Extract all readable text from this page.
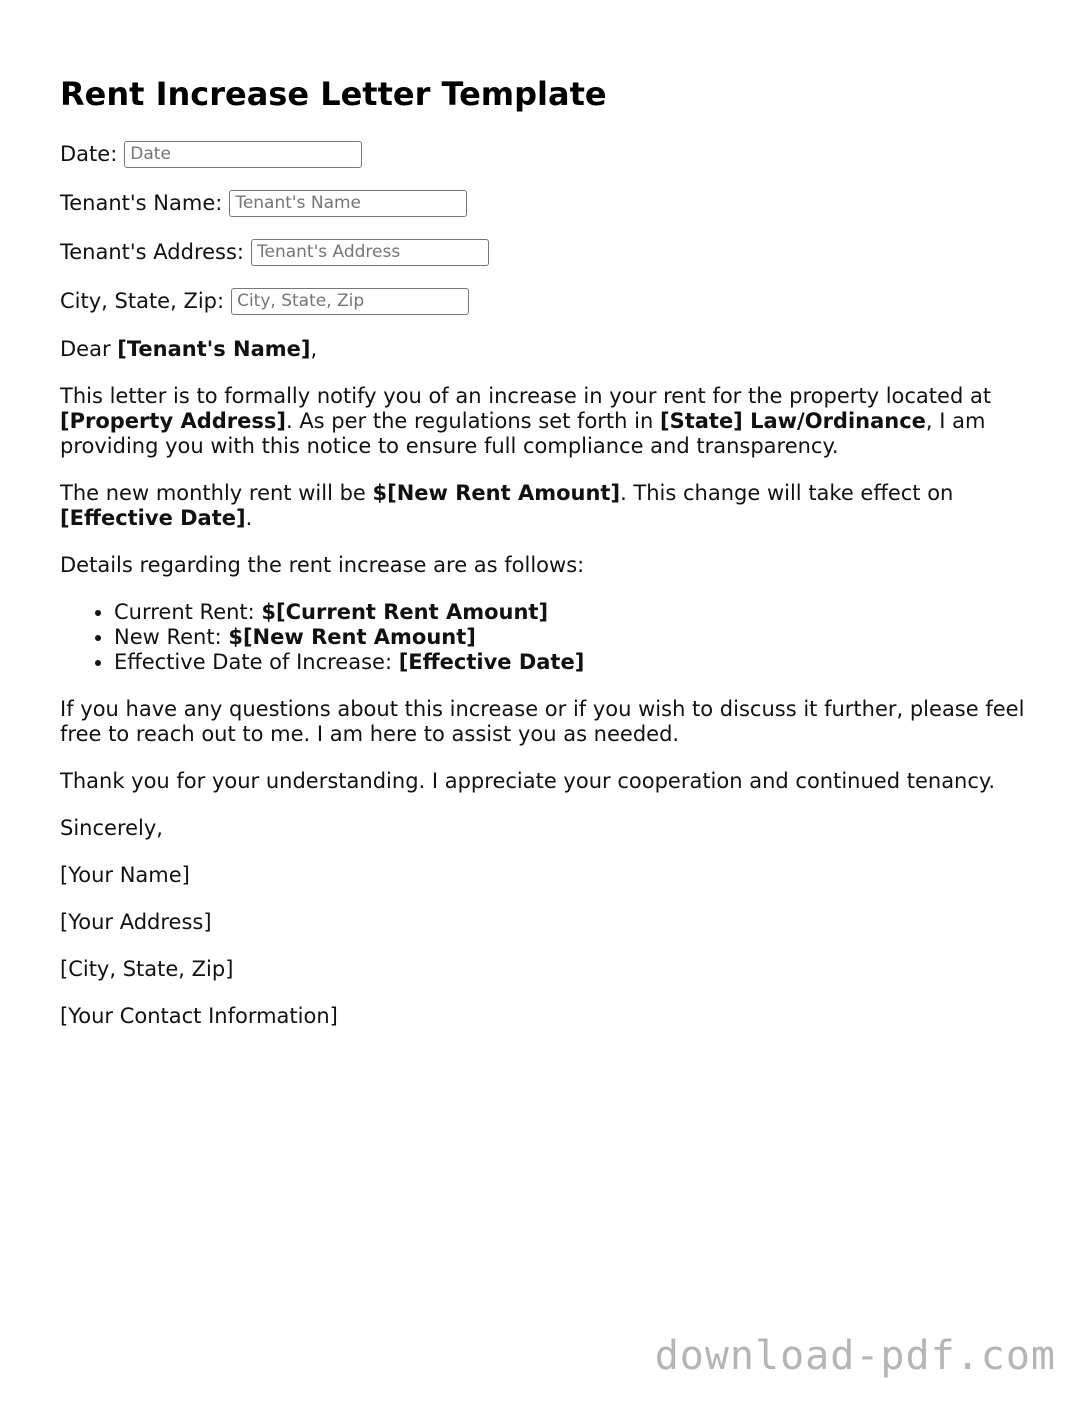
Rent Increase Letter Template
Date:
Date
Tenant's Name:
Tenant's Name
Tenant's Address:
Tenant's Address
City, State, Zip:
City, State, Zip

Dear [Tenant's Name],

This letter is to formally notify you of an increase in your rent for the property located at [Property Address]. As per the regulations set forth in [State] Law/Ordinance, I am providing you with this notice to ensure full compliance and transparency.

The new monthly rent will be $[New Rent Amount]. This change will take effect on [Effective Date].

Details regarding the rent increase are as follows:

• Current Rent: $[Current Rent Amount]
• New Rent: $[New Rent Amount]
• Effective Date of Increase: [Effective Date]

If you have any questions about this increase or if you wish to discuss it further, please feel free to reach out to me. I am here to assist you as needed.

Thank you for your understanding. I appreciate your cooperation and continued tenancy.

Sincerely,

[Your Name]

[Your Address]

[City, State, Zip]

[Your Contact Information]

download-pdf.com
